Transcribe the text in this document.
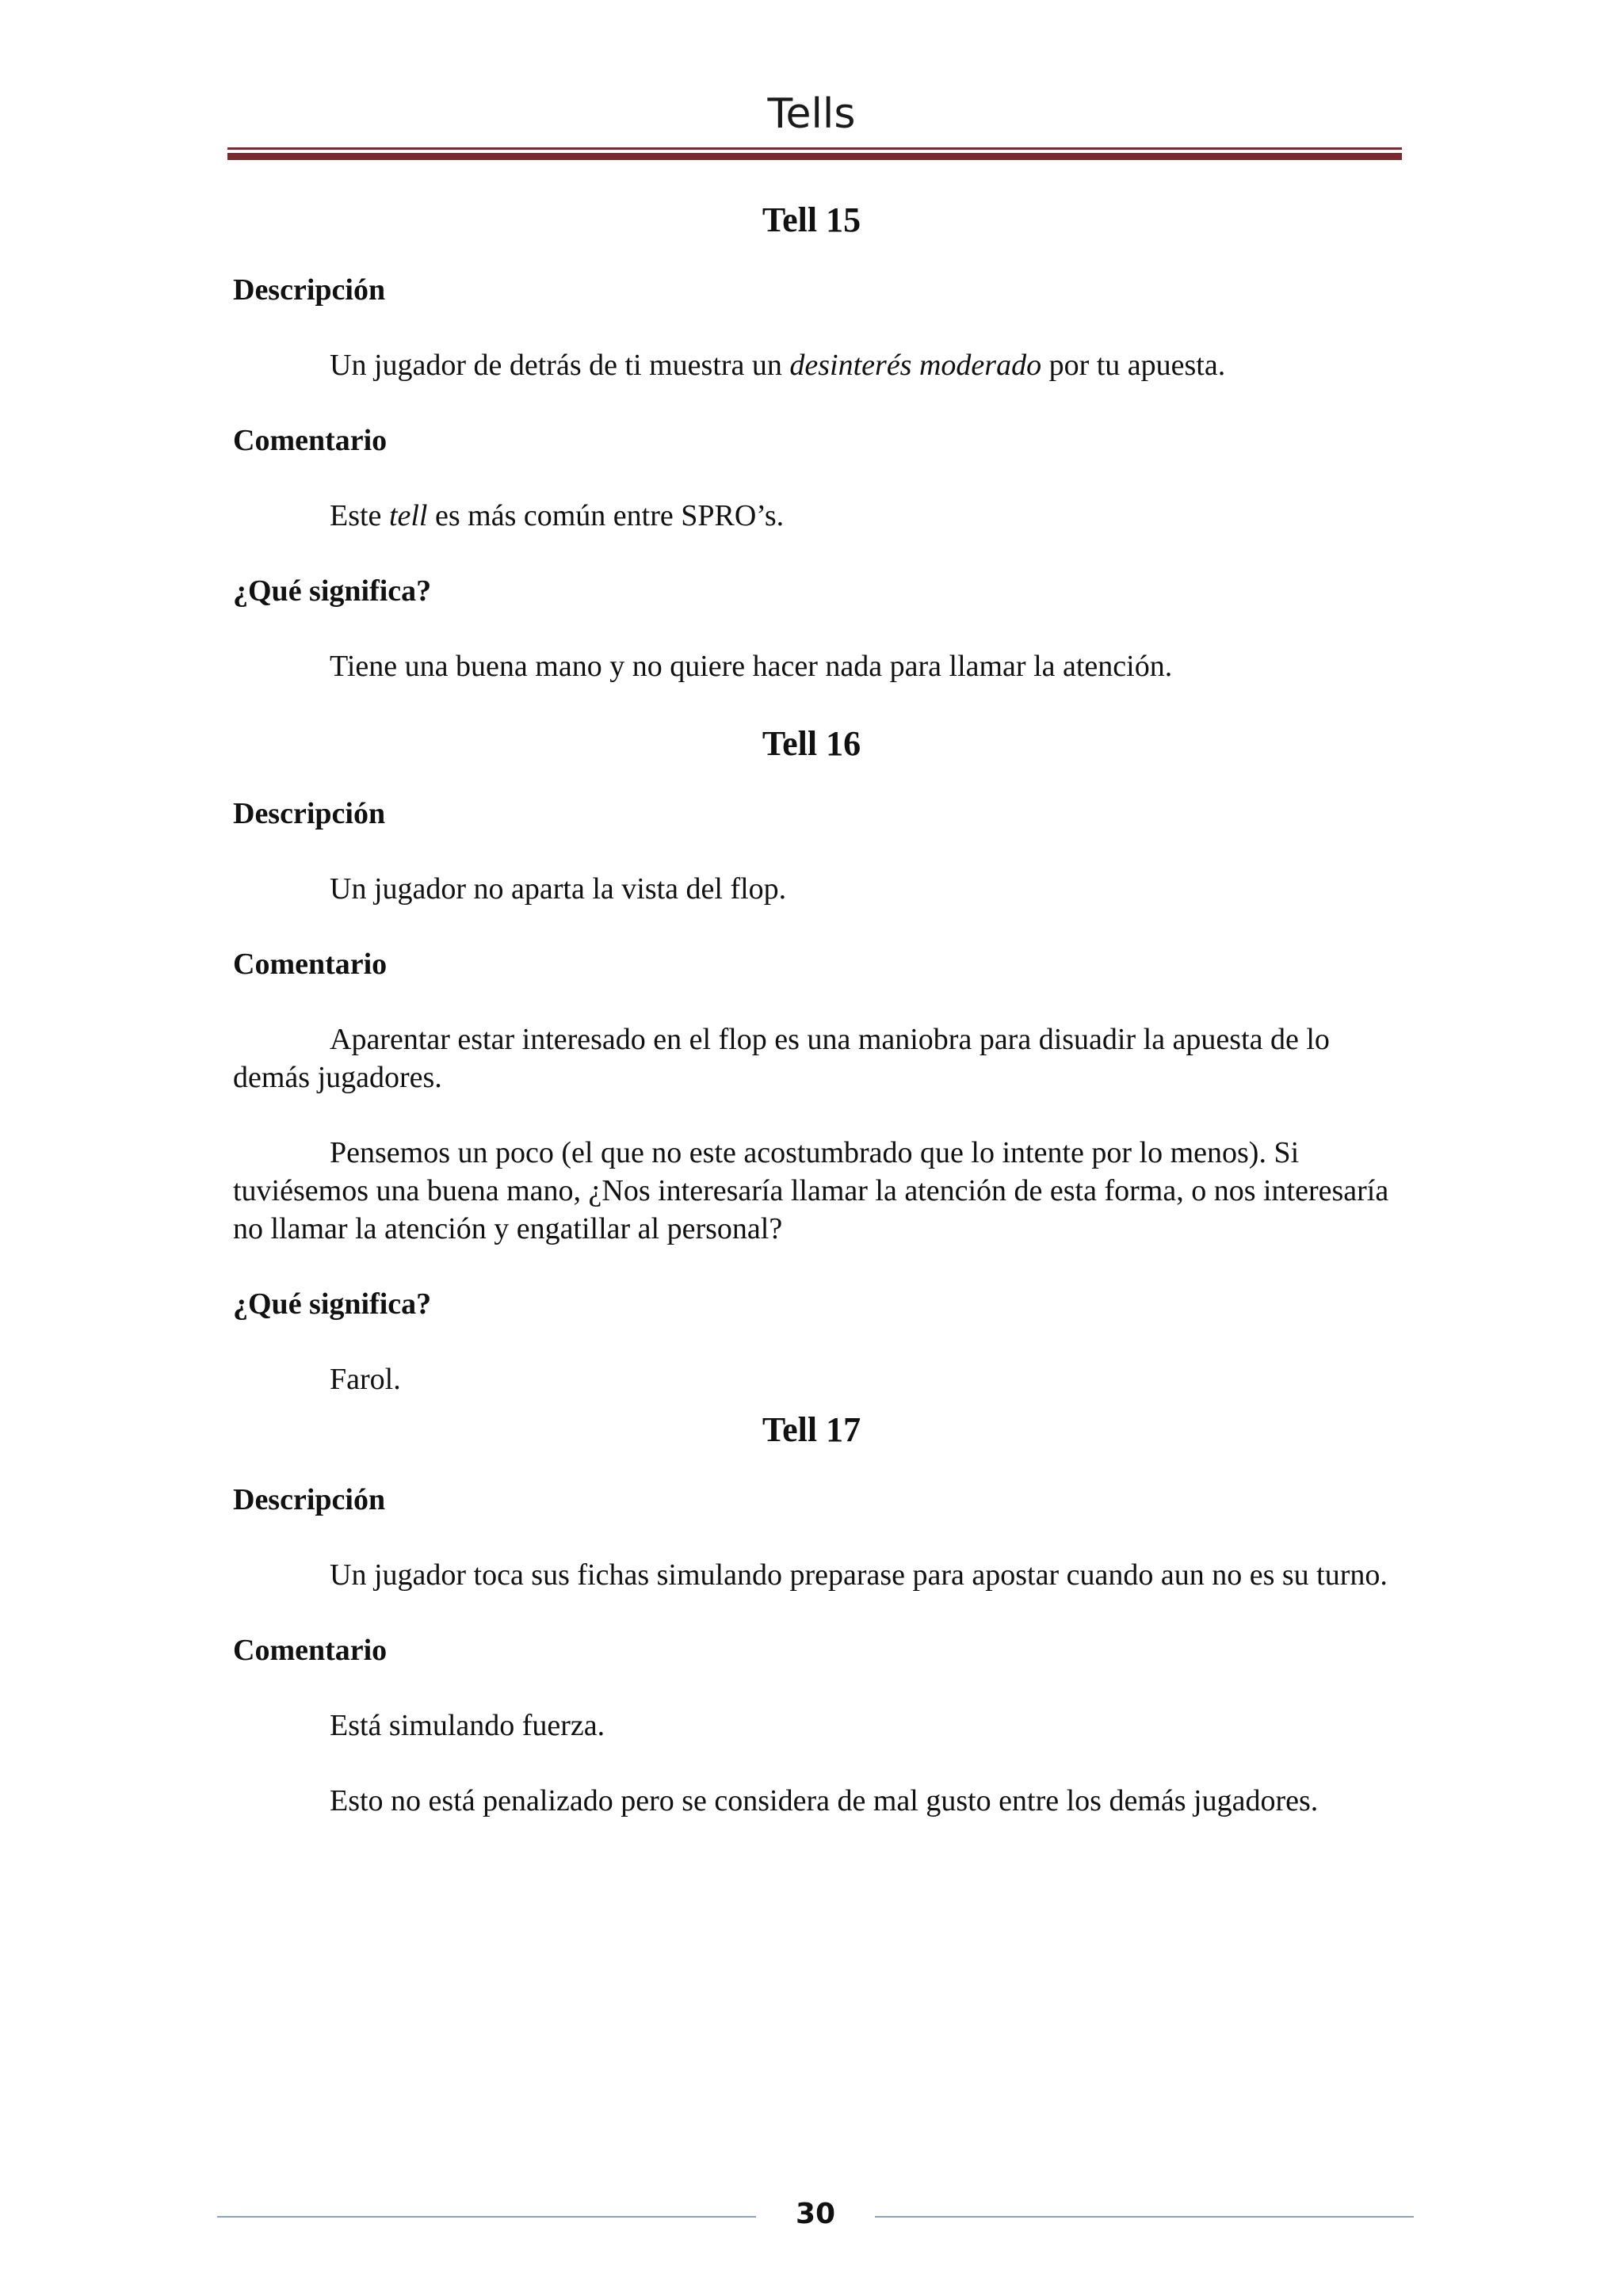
Tells
Tell 15
Descripción

Un jugador de detrás de ti muestra un desinterés moderado por tu apuesta.

Comentario

Este tell es más común entre SPRO’s.

¿Qué significa?

Tiene una buena mano y no quiere hacer nada para llamar la atención.

Tell 16
Descripción

Un jugador no aparta la vista del flop.

Comentario

Aparentar estar interesado en el flop es una maniobra para disuadir la apuesta de lo demás jugadores.

Pensemos un poco (el que no este acostumbrado que lo intente por lo menos). Si tuviésemos una buena mano, ¿Nos interesaría llamar la atención de esta forma, o nos interesaría no llamar la atención y engatillar al personal?

¿Qué significa?

Farol.

Tell 17
Descripción

Un jugador toca sus fichas simulando preparase para apostar cuando aun no es su turno.

Comentario

Está simulando fuerza.

Esto no está penalizado pero se considera de mal gusto entre los demás jugadores.

30
